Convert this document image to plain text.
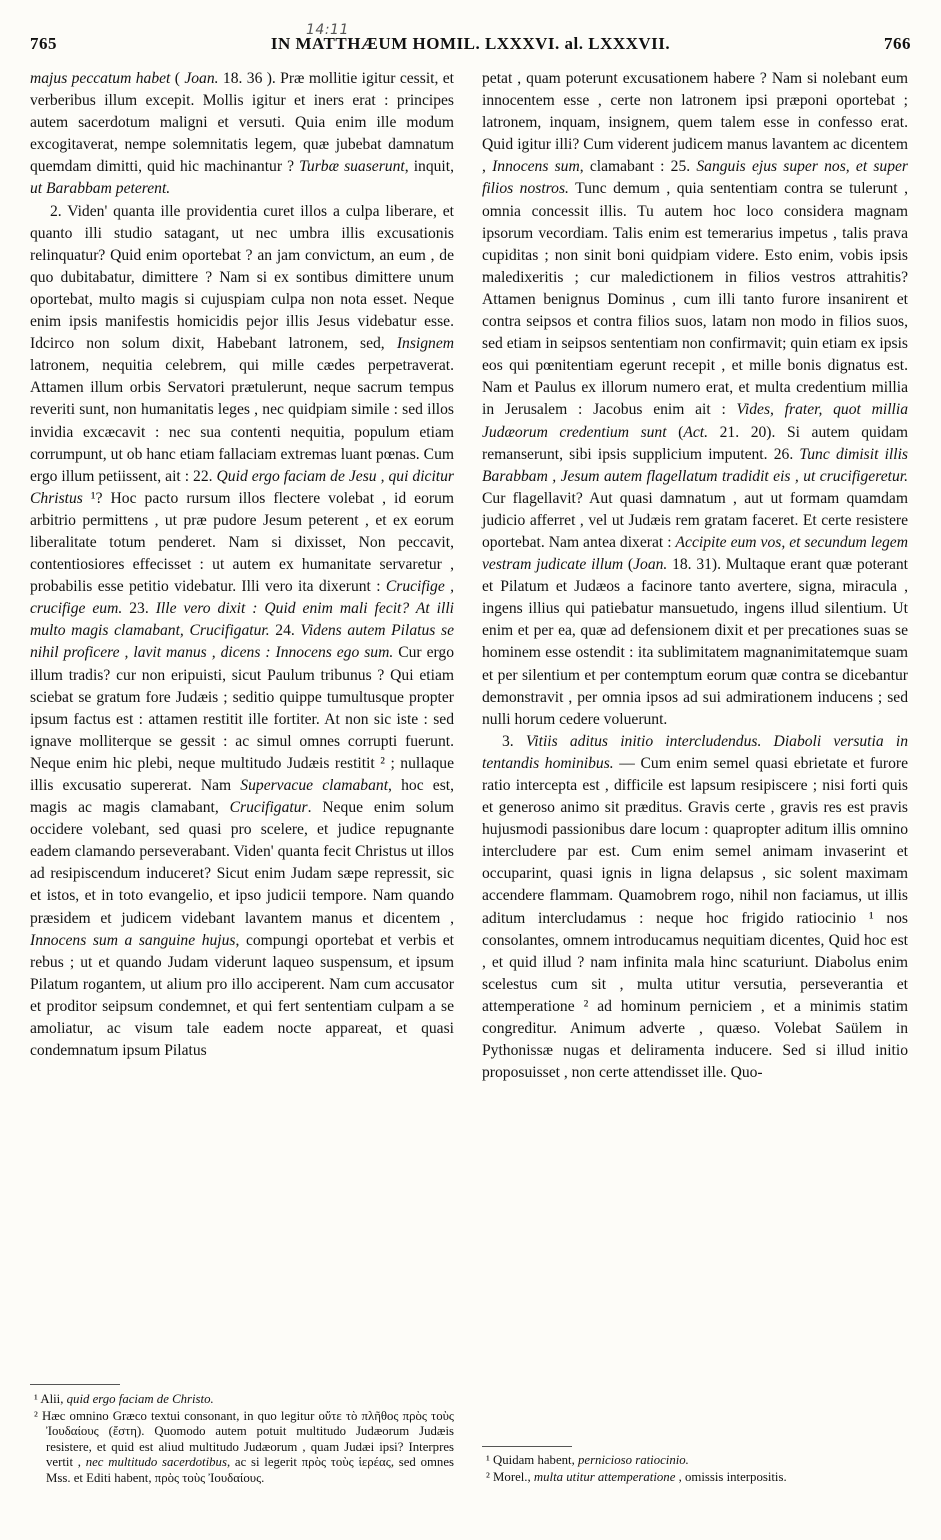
765	IN MATTHÆUM HOMIL. LXXXVI. al. LXXXVII.
14:11
766

majus peccatum habet ( Joan. 18. 36 ). Præ mollitie igitur cessit, et verberibus illum excepit. Mollis igitur et iners erat : principes autem sacerdotum maligni et versuti. Quia enim ille modum excogitaverat, nempe solemnitatis legem, quæ jubebat damnatum quemdam dimitti, quid hic machinantur ? Turbæ suaserunt, inquit, ut Barabbam peterent.

2. Viden' quanta ille providentia curet illos a culpa liberare, et quanto illi studio satagant, ut nec umbra illis excusationis relinquatur? Quid enim oportebat ? an jam convictum, an eum , de quo dubitabatur, dimittere ? Nam si ex sontibus dimittere unum oportebat, multo magis si cujuspiam culpa non nota esset. Neque enim ipsis manifestis homicidis pejor illis Jesus videbatur esse. Idcirco non solum dixit, Habebant latronem, sed, Insignem latronem, nequitia celebrem, qui mille cædes perpetraverat. Attamen illum orbis Servatori prætulerunt, neque sacrum tempus reveriti sunt, non humanitatis leges , nec quidpiam simile : sed illos invidia excæcavit : nec sua contenti nequitia, populum etiam corrumpunt, ut ob hanc etiam fallaciam extremas luant pœnas. Cum ergo illum petiissent, ait : 22. Quid ergo faciam de Jesu , qui dicitur Christus ¹? Hoc pacto rursum illos flectere volebat , id eorum arbitrio permittens , ut præ pudore Jesum peterent , et ex eorum liberalitate totum penderet. Nam si dixisset, Non peccavit, contentiosiores effecisset : ut autem ex humanitate servaretur , probabilis esse petitio videbatur. Illi vero ita dixerunt : Crucifige , crucifige eum. 23. Ille vero dixit : Quid enim mali fecit? At illi multo magis clamabant, Crucifigatur. 24. Videns autem Pilatus se nihil proficere , lavit manus , dicens : Innocens ego sum. Cur ergo illum tradis? cur non eripuisti, sicut Paulum tribunus ? Qui etiam sciebat se gratum fore Judæis ; seditio quippe tumultusque propter ipsum factus est : attamen restitit ille fortiter. At non sic iste : sed ignave molliterque se gessit : ac simul omnes corrupti fuerunt. Neque enim hic plebi, neque multitudo Judæis restitit ² ; nullaque illis excusatio supererat. Nam Supervacue clamabant, hoc est, magis ac magis clamabant, Crucifigatur. Neque enim solum occidere volebant, sed quasi pro scelere, et judice repugnante eadem clamando perseverabant. Viden' quanta fecit Christus ut illos ad resipiscendum induceret? Sicut enim Judam sæpe repressit, sic et istos, et in toto evangelio, et ipso judicii tempore. Nam quando præsidem et judicem videbant lavantem manus et dicentem , Innocens sum a sanguine hujus, compungi oportebat et verbis et rebus ; ut et quando Judam viderunt laqueo suspensum, et ipsum Pilatum rogantem, ut alium pro illo acciperent. Nam cum accusator et proditor seipsum condemnet, et qui fert sententiam culpam a se amoliatur, ac visum tale eadem nocte appareat, et quasi condemnatum ipsum Pilatus

petat , quam poterunt excusationem habere ? Nam si nolebant eum innocentem esse , certe non latronem ipsi præponi oportebat ; latronem, inquam, insignem, quem talem esse in confesso erat. Quid igitur illi? Cum viderent judicem manus lavantem ac dicentem , Innocens sum, clamabant : 25. Sanguis ejus super nos, et super filios nostros. Tunc demum , quia sententiam contra se tulerunt , omnia concessit illis. Tu autem hoc loco considera magnam ipsorum vecordiam. Talis enim est temerarius impetus , talis prava cupiditas ; non sinit boni quidpiam videre. Esto enim, vobis ipsis maledixeritis ; cur maledictionem in filios vestros attrahitis? Attamen benignus Dominus , cum illi tanto furore insanirent et contra seipsos et contra filios suos, latam non modo in filios suos, sed etiam in seipsos sententiam non confirmavit; quin etiam ex ipsis eos qui pœnitentiam egerunt recepit , et mille bonis dignatus est. Nam et Paulus ex illorum numero erat, et multa credentium millia in Jerusalem : Jacobus enim ait : Vides, frater, quot millia Judæorum credentium sunt (Act. 21. 20). Si autem quidam remanserunt, sibi ipsis supplicium imputent. 26. Tunc dimisit illis Barabbam , Jesum autem flagellatum tradidit eis , ut crucifigeretur. Cur flagellavit? Aut quasi damnatum , aut ut formam quamdam judicio afferret , vel ut Judæis rem gratam faceret. Et certe resistere oportebat. Nam antea dixerat : Accipite eum vos, et secundum legem vestram judicate illum (Joan. 18. 31). Multaque erant quæ poterant et Pilatum et Judæos a facinore tanto avertere, signa, miracula , ingens illius qui patiebatur mansuetudo, ingens illud silentium. Ut enim et per ea, quæ ad defensionem dixit et per precationes suas se hominem esse ostendit : ita sublimitatem magnanimitatemque suam et per silentium et per contemptum eorum quæ contra se dicebantur demonstravit , per omnia ipsos ad sui admirationem inducens ; sed nulli horum cedere voluerunt.

3. Vitiis aditus initio intercludendus. Diaboli versutia in tentandis hominibus. — Cum enim semel quasi ebrietate et furore ratio intercepta est , difficile est lapsum resipiscere ; nisi forti quis et generoso animo sit præditus. Gravis certe , gravis res est pravis hujusmodi passionibus dare locum : quapropter aditum illis omnino intercludere par est. Cum enim semel animam invaserint et occuparint, quasi ignis in ligna delapsus , sic solent maximam accendere flammam. Quamobrem rogo, nihil non faciamus, ut illis aditum intercludamus : neque hoc frigido ratiocinio ¹ nos consolantes, omnem introducamus nequitiam dicentes, Quid hoc est , et quid illud ? nam infinita mala hinc scaturiunt. Diabolus enim scelestus cum sit , multa utitur versutia, perseverantia et attemperatione ² ad hominum perniciem , et a minimis statim congreditur. Animum adverte , quæso. Volebat Saülem in Pythonissæ nugas et deliramenta inducere. Sed si illud initio proposuisset , non certe attendisset ille. Quo-

¹ Alii, quid ergo faciam de Christo.

² Hæc omnino Græco textui consonant, in quo legitur οὔτε τὸ πλῆθος πρὸς τοὺς Ἰουδαίους (ἔστη). Quomodo autem potuit multitudo Judæorum Judæis resistere, et quid est aliud multitudo Judæorum , quam Judæi ipsi? Interpres vertit , nec multitudo sacerdotibus, ac si legerit πρὸς τοὺς ἱερέας, sed omnes Mss. et Editi habent, πρὸς τοὺς Ἰουδαίους.

¹ Quidam habent, pernicioso ratiocinio.

² Morel., multa utitur attemperatione , omissis interpositis.
